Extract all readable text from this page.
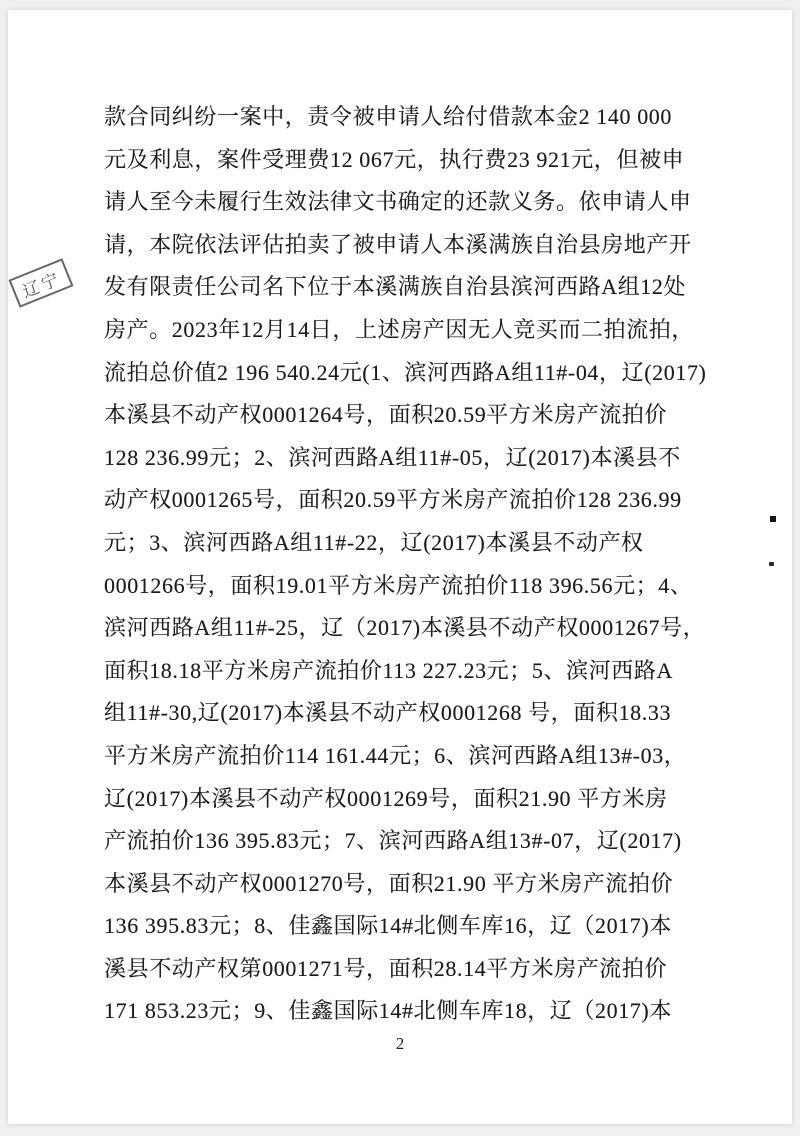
辽宁
款合同纠纷一案中，责令被申请人给付借款本金2 140 000
元及利息，案件受理费12 067元，执行费23 921元，但被申
请人至今未履行生效法律文书确定的还款义务。依申请人申
请，本院依法评估拍卖了被申请人本溪满族自治县房地产开
发有限责任公司名下位于本溪满族自治县滨河西路A组12处
房产。2023年12月14日，上述房产因无人竞买而二拍流拍，
流拍总价值2 196 540.24元(1、滨河西路A组11#-04，辽(2017)
本溪县不动产权0001264号，面积20.59平方米房产流拍价
128 236.99元；2、滨河西路A组11#-05，辽(2017)本溪县不
动产权0001265号，面积20.59平方米房产流拍价128 236.99
元；3、滨河西路A组11#-22，辽(2017)本溪县不动产权
0001266号，面积19.01平方米房产流拍价118 396.56元；4、
滨河西路A组11#-25，辽（2017)本溪县不动产权0001267号，
面积18.18平方米房产流拍价113 227.23元；5、滨河西路A
组11#-30,辽(2017)本溪县不动产权0001268 号，面积18.33
平方米房产流拍价114 161.44元；6、滨河西路A组13#-03，
辽(2017)本溪县不动产权0001269号，面积21.90 平方米房
产流拍价136 395.83元；7、滨河西路A组13#-07，辽(2017)
本溪县不动产权0001270号，面积21.90 平方米房产流拍价
136 395.83元；8、佳鑫国际14#北侧车库16，辽（2017)本
溪县不动产权第0001271号，面积28.14平方米房产流拍价
171 853.23元；9、佳鑫国际14#北侧车库18，辽（2017)本
2
